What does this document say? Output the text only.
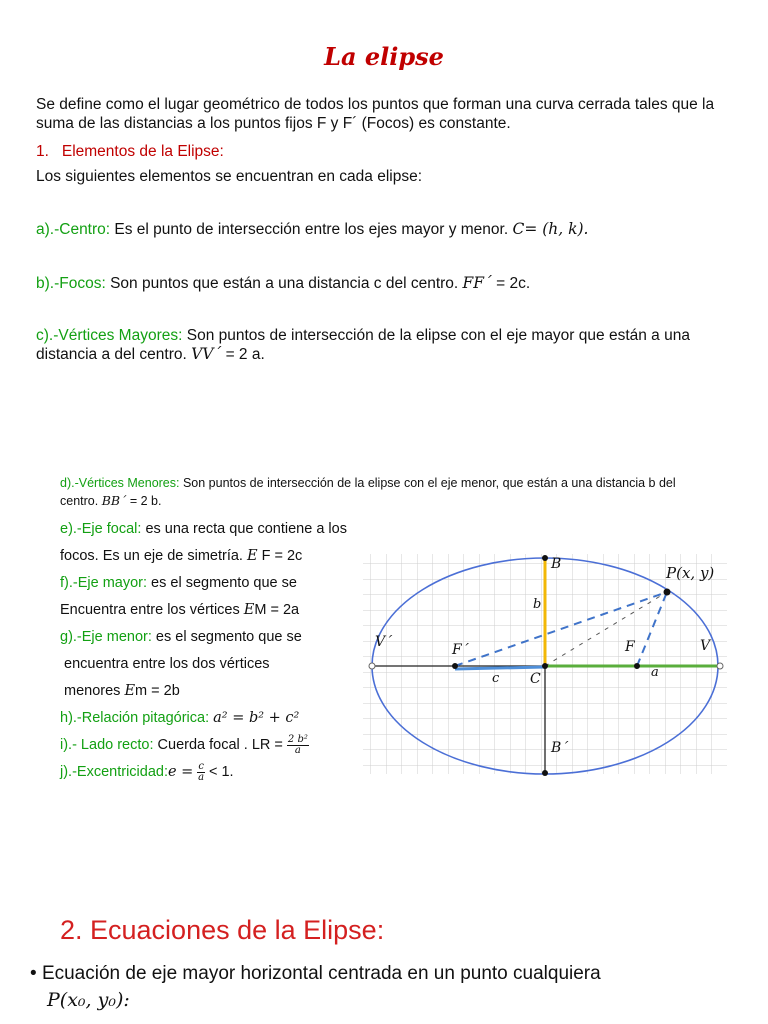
La elipse
Se define como el lugar geométrico de todos los puntos que forman una curva cerrada tales que la suma de las distancias a los puntos fijos F y F´ (Focos) es constante.
1. Elementos de la Elipse:
Los siguientes elementos se encuentran en cada elipse:
a).-Centro: Es el punto de intersección entre los ejes mayor y menor. C= (h, k).
b).-Focos: Son puntos que están a una distancia c del centro. FF´ = 2c.
c).-Vértices Mayores: Son puntos de intersección de la elipse con el eje mayor que están a una distancia a del centro. VV´ = 2 a.
d).-Vértices Menores: Son puntos de intersección de la elipse con el eje menor, que están a una distancia b del centro. BB´ = 2 b.
e).-Eje focal: es una recta que contiene a los
focos. Es un eje de simetría. E F = 2c
f).-Eje mayor: es el segmento que se
Encuentra entre los vértices EM = 2a
g).-Eje menor: es el segmento que se
encuentra entre los dos vértices
menores Em = 2b
h).-Relación pitagórica: a² = b² + c²
i).- Lado recto: Cuerda focal . LR = $\frac{\text{2 b²}}{a}$
j).-Excentricidad:e = $\frac{c}{a} < 1$.
B
B´
V´	V
F´	F
C
P(x, y)
a
b
c
2. Ecuaciones de la Elipse:
• Ecuación de eje mayor horizontal centrada en un punto cualquiera
P(x₀, y₀):
